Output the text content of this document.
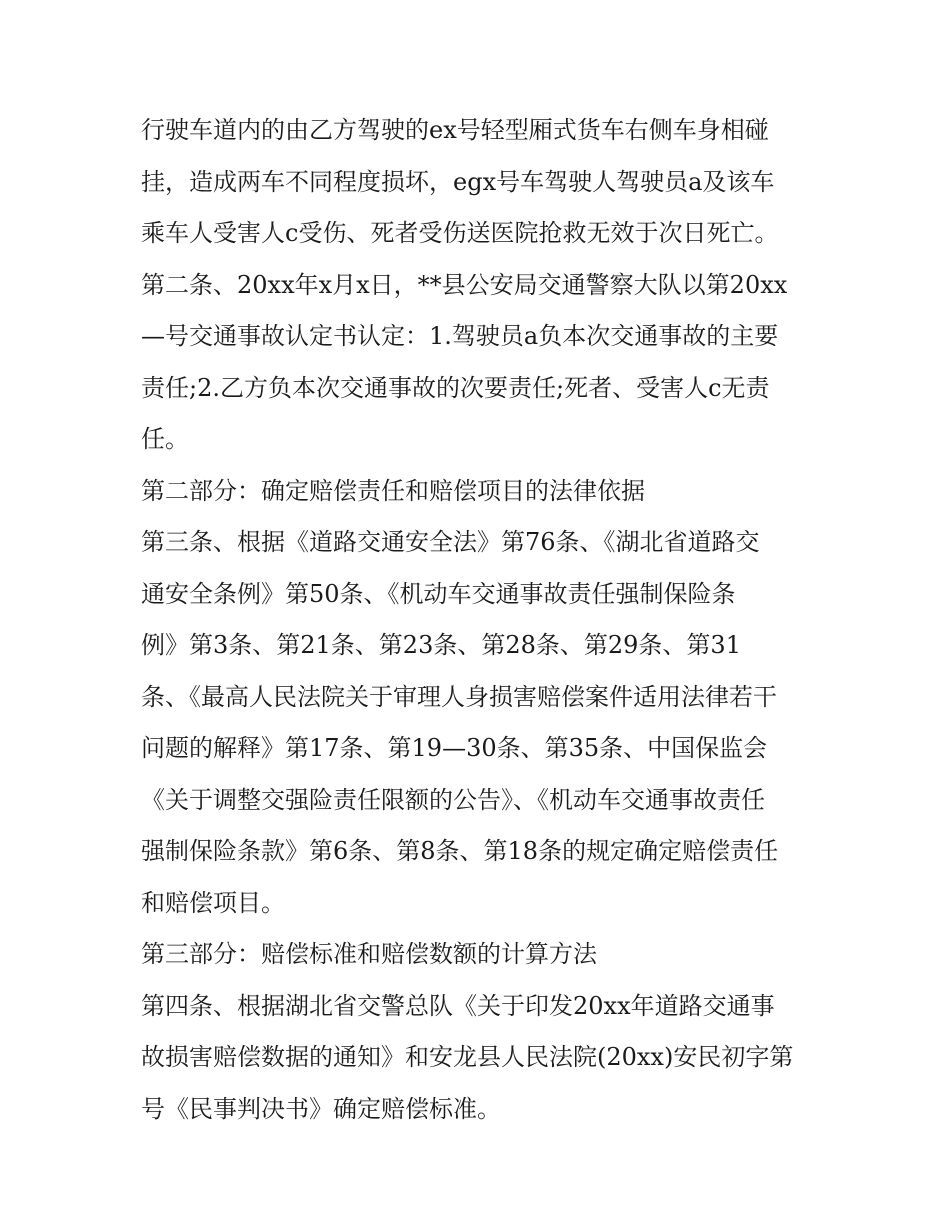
行驶车道内的由乙方驾驶的ex号轻型厢式货车右侧车身相碰
挂，造成两车不同程度损坏，egx号车驾驶人驾驶员a及该车
乘车人受害人c受伤、死者受伤送医院抢救无效于次日死亡。
第二条、20xx年x月x日，**县公安局交通警察大队以第20xx
—号交通事故认定书认定：1.驾驶员a负本次交通事故的主要
责任;2.乙方负本次交通事故的次要责任;死者、受害人c无责
任。
第二部分：确定赔偿责任和赔偿项目的法律依据
第三条、根据《道路交通安全法》第76条、《湖北省道路交
通安全条例》第50条、《机动车交通事故责任强制保险条
例》第3条、第21条、第23条、第28条、第29条、第31
条、《最高人民法院关于审理人身损害赔偿案件适用法律若干
问题的解释》第17条、第19—30条、第35条、中国保监会
《关于调整交强险责任限额的公告》、《机动车交通事故责任
强制保险条款》第6条、第8条、第18条的规定确定赔偿责任
和赔偿项目。
第三部分：赔偿标准和赔偿数额的计算方法
第四条、根据湖北省交警总队《关于印发20xx年道路交通事
故损害赔偿数据的通知》和安龙县人民法院(20xx)安民初字第
号《民事判决书》确定赔偿标准。
